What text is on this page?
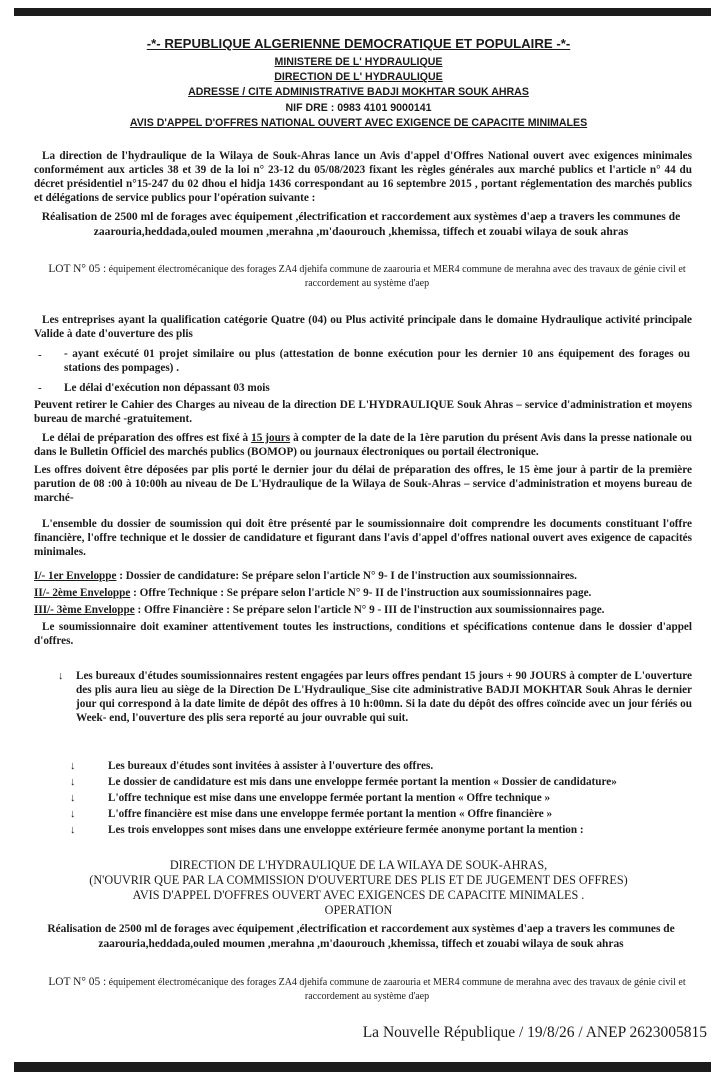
-*- REPUBLIQUE ALGERIENNE DEMOCRATIQUE ET POPULAIRE -*-
MINISTERE DE L' HYDRAULIQUE
DIRECTION DE L' HYDRAULIQUE
ADRESSE / CITE ADMINISTRATIVE BADJI MOKHTAR SOUK AHRAS
NIF DRE : 0983 4101 9000141
AVIS D'APPEL D'OFFRES NATIONAL OUVERT AVEC EXIGENCE DE CAPACITE MINIMALES
La direction de l'hydraulique de la Wilaya de Souk-Ahras lance un Avis d'appel d'Offres National ouvert avec exigences minimales conformément aux articles 38 et 39 de la loi n° 23-12 du 05/08/2023 fixant les règles générales aux marché publics et l'article n° 44 du décret présidentiel n°15-247 du 02 dhou el hidja 1436 correspondant au 16 septembre 2015 , portant réglementation des marchés publics et délégations de service publics pour l'opération suivante :
Réalisation de 2500 ml de forages avec équipement ,électrification et raccordement aux systèmes d'aep a travers les communes de zaarouria,heddada,ouled moumen ,merahna ,m'daourouch ,khemissa, tiffech et zouabi wilaya de souk ahras
LOT N° 05 : équipement électromécanique des forages ZA4 djehifa commune de zaarouria et MER4 commune de merahna avec des travaux de génie civil et raccordement au système d'aep
Les entreprises ayant la qualification catégorie Quatre (04) ou Plus activité principale dans le domaine Hydraulique activité principale Valide à date d'ouverture des plis
- - ayant exécuté 01 projet similaire ou plus (attestation de bonne exécution pour les dernier 10 ans équipement des forages ou stations des pompages) .
- Le délai d'exécution non dépassant 03 mois
Peuvent retirer le Cahier des Charges au niveau de la direction DE L'HYDRAULIQUE Souk Ahras – service d'administration et moyens bureau de marché -gratuitement.
Le délai de préparation des offres est fixé à 15 jours à compter de la date de la 1ère parution du présent Avis dans la presse nationale ou dans le Bulletin Officiel des marchés publics (BOMOP) ou journaux électroniques ou portail électronique.
Les offres doivent être déposées par plis porté le dernier jour du délai de préparation des offres, le 15 ème jour à partir de la première parution de 08 :00 à 10:00h au niveau de De L'Hydraulique de la Wilaya de Souk-Ahras – service d'administration et moyens bureau de marché-
L'ensemble du dossier de soumission qui doit être présenté par le soumissionnaire doit comprendre les documents constituant l'offre financière, l'offre technique et le dossier de candidature et figurant dans l'avis d'appel d'offres national ouvert aves exigence de capacités minimales.
I/- 1er Enveloppe : Dossier de candidature: Se prépare selon l'article N° 9- I de l'instruction aux soumissionnaires.
II/- 2ème Enveloppe : Offre Technique : Se prépare selon l'article N° 9- II de l'instruction aux soumissionnaires page.
III/- 3ème Enveloppe : Offre Financière : Se prépare selon l'article N° 9 - III de l'instruction aux soumissionnaires page.
Le soumissionnaire doit examiner attentivement toutes les instructions, conditions et spécifications contenue dans le dossier d'appel d'offres.
↓ Les bureaux d'études soumissionnaires restent engagées par leurs offres pendant 15 jours + 90 JOURS à compter de L'ouverture des plis aura lieu au siège de la Direction De L'Hydraulique_Sise cite administrative BADJI MOKHTAR Souk Ahras le dernier jour qui correspond à la date limite de dépôt des offres à 10 h:00mn. Si la date du dépôt des offres coïncide avec un jour fériés ou Week- end, l'ouverture des plis sera reporté au jour ouvrable qui suit.
↓	Les bureaux d'études sont invitées à assister à l'ouverture des offres.
↓	Le dossier de candidature est mis dans une enveloppe fermée portant la mention « Dossier de candidature»
↓	L'offre technique est mise dans une enveloppe fermée portant la mention « Offre technique »
↓	L'offre financière est mise dans une enveloppe fermée portant la mention « Offre financière »
↓	Les trois enveloppes sont mises dans une enveloppe extérieure fermée anonyme portant la mention :
DIRECTION DE L'HYDRAULIQUE DE LA WILAYA DE SOUK-AHRAS,
(N'OUVRIR QUE PAR LA COMMISSION D'OUVERTURE DES PLIS ET DE JUGEMENT DES OFFRES)
AVIS D'APPEL D'OFFRES OUVERT AVEC EXIGENCES DE CAPACITE MINIMALES .
OPERATION
Réalisation de 2500 ml de forages avec équipement ,électrification et raccordement aux systèmes d'aep a travers les communes de zaarouria,heddada,ouled moumen ,merahna ,m'daourouch ,khemissa, tiffech et zouabi wilaya de souk ahras
LOT N° 05 : équipement électromécanique des forages ZA4 djehifa commune de zaarouria et MER4 commune de merahna avec des travaux de génie civil et raccordement au système d'aep
La Nouvelle République / 19/8/26 / ANEP 2623005815
